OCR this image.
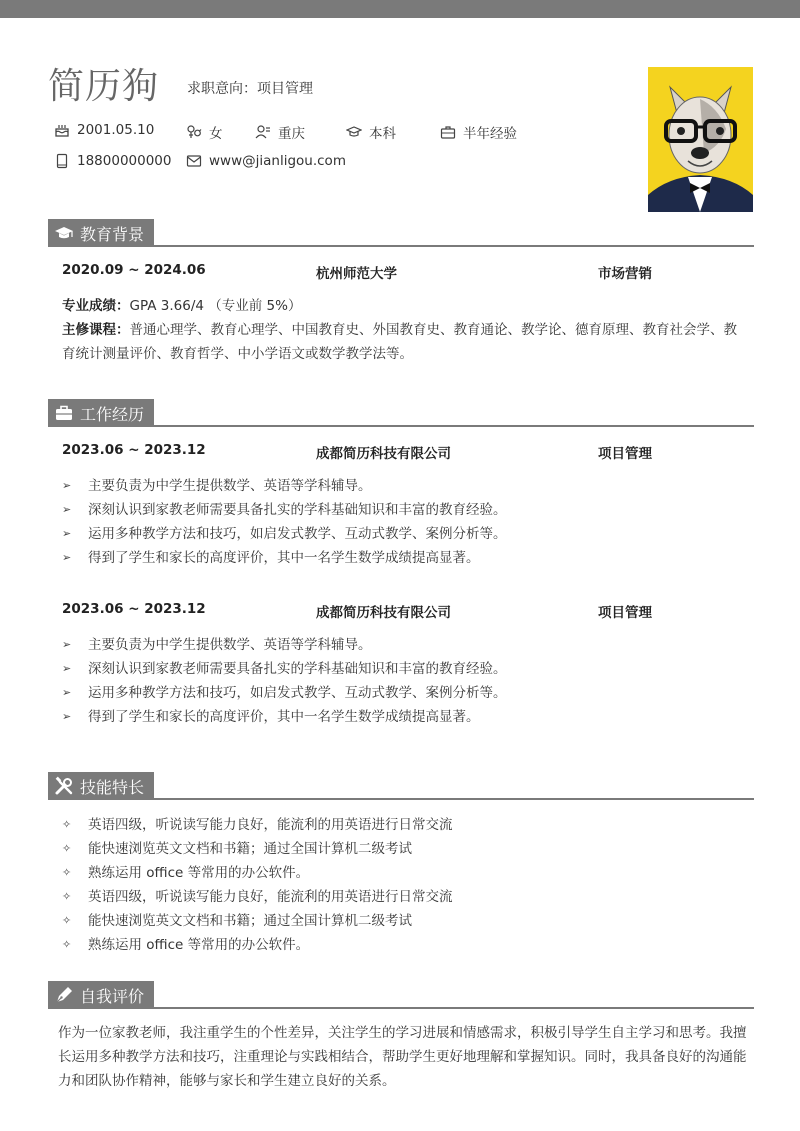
简历狗 求职意向：项目管理
2001.05.10	女	重庆	本科	半年经验
18800000000	www@jianligou.com
教育背景
2020.09 ~ 2024.06	杭州师范大学	市场营销
专业成绩：GPA 3.66/4 （专业前 5%）
主修课程：普通心理学、教育心理学、中国教育史、外国教育史、教育通论、教学论、德育原理、教育社会学、教育统计测量评价、教育哲学、中小学语文或数学教学法等。
工作经历
2023.06 ~ 2023.12	成都简历科技有限公司	项目管理
➢	主要负责为中学生提供数学、英语等学科辅导。
➢	深刻认识到家教老师需要具备扎实的学科基础知识和丰富的教育经验。
➢	运用多种教学方法和技巧，如启发式教学、互动式教学、案例分析等。
➢	得到了学生和家长的高度评价，其中一名学生数学成绩提高显著。
2023.06 ~ 2023.12	成都简历科技有限公司	项目管理
➢	主要负责为中学生提供数学、英语等学科辅导。
➢	深刻认识到家教老师需要具备扎实的学科基础知识和丰富的教育经验。
➢	运用多种教学方法和技巧，如启发式教学、互动式教学、案例分析等。
➢	得到了学生和家长的高度评价，其中一名学生数学成绩提高显著。
技能特长
✧	英语四级，听说读写能力良好，能流利的用英语进行日常交流
✧	能快速浏览英文文档和书籍；通过全国计算机二级考试
✧	熟练运用 office 等常用的办公软件。
✧	英语四级，听说读写能力良好，能流利的用英语进行日常交流
✧	能快速浏览英文文档和书籍；通过全国计算机二级考试
✧	熟练运用 office 等常用的办公软件。
自我评价
作为一位家教老师，我注重学生的个性差异，关注学生的学习进展和情感需求，积极引导学生自主学习和思考。我擅长运用多种教学方法和技巧，注重理论与实践相结合，帮助学生更好地理解和掌握知识。同时，我具备良好的沟通能力和团队协作精神，能够与家长和学生建立良好的关系。
